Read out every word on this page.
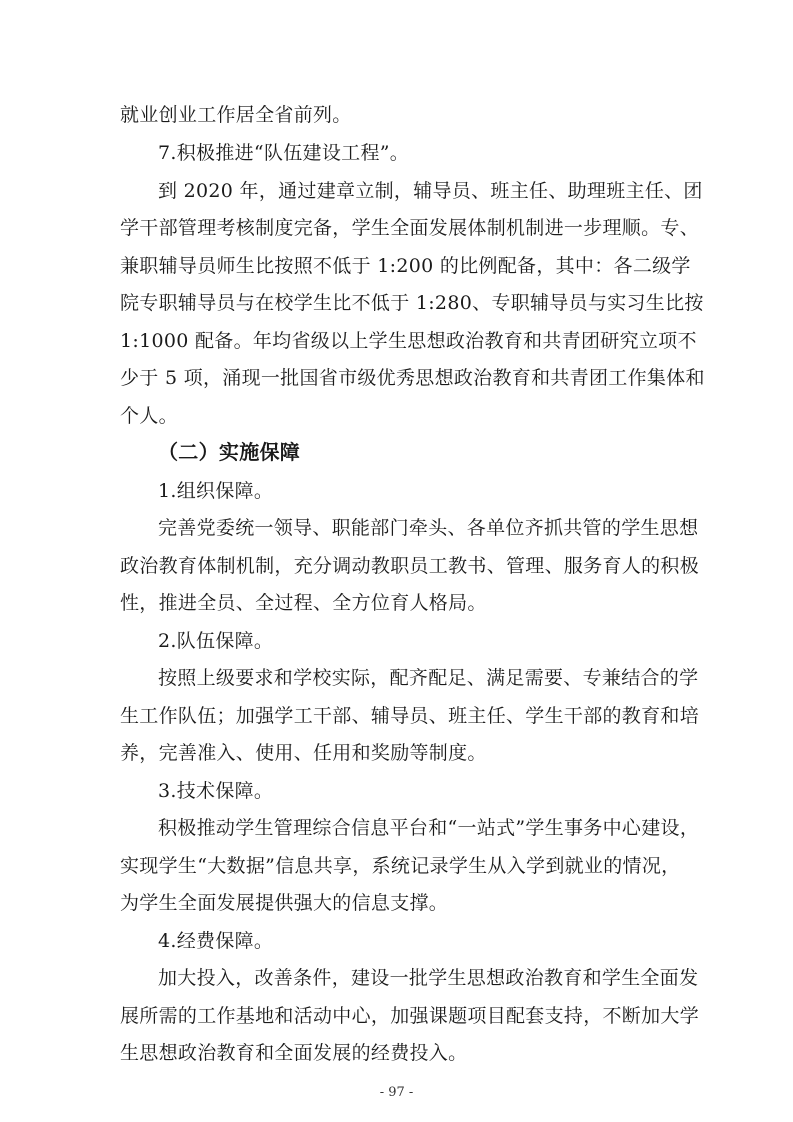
就业创业工作居全省前列。
7.积极推进“队伍建设工程”。
到 2020 年，通过建章立制，辅导员、班主任、助理班主任、团
学干部管理考核制度完备，学生全面发展体制机制进一步理顺。专、
兼职辅导员师生比按照不低于 1:200 的比例配备，其中：各二级学
院专职辅导员与在校学生比不低于 1:280、专职辅导员与实习生比按
1:1000 配备。年均省级以上学生思想政治教育和共青团研究立项不
少于 5 项，涌现一批国省市级优秀思想政治教育和共青团工作集体和
个人。
（二）实施保障
1.组织保障。
完善党委统一领导、职能部门牵头、各单位齐抓共管的学生思想
政治教育体制机制，充分调动教职员工教书、管理、服务育人的积极
性，推进全员、全过程、全方位育人格局。
2.队伍保障。
按照上级要求和学校实际，配齐配足、满足需要、专兼结合的学
生工作队伍；加强学工干部、辅导员、班主任、学生干部的教育和培
养，完善准入、使用、任用和奖励等制度。
3.技术保障。
积极推动学生管理综合信息平台和“一站式”学生事务中心建设，
实现学生“大数据”信息共享，系统记录学生从入学到就业的情况，
为学生全面发展提供强大的信息支撑。
4.经费保障。
加大投入，改善条件，建设一批学生思想政治教育和学生全面发
展所需的工作基地和活动中心，加强课题项目配套支持，不断加大学
生思想政治教育和全面发展的经费投入。
- 97 -
